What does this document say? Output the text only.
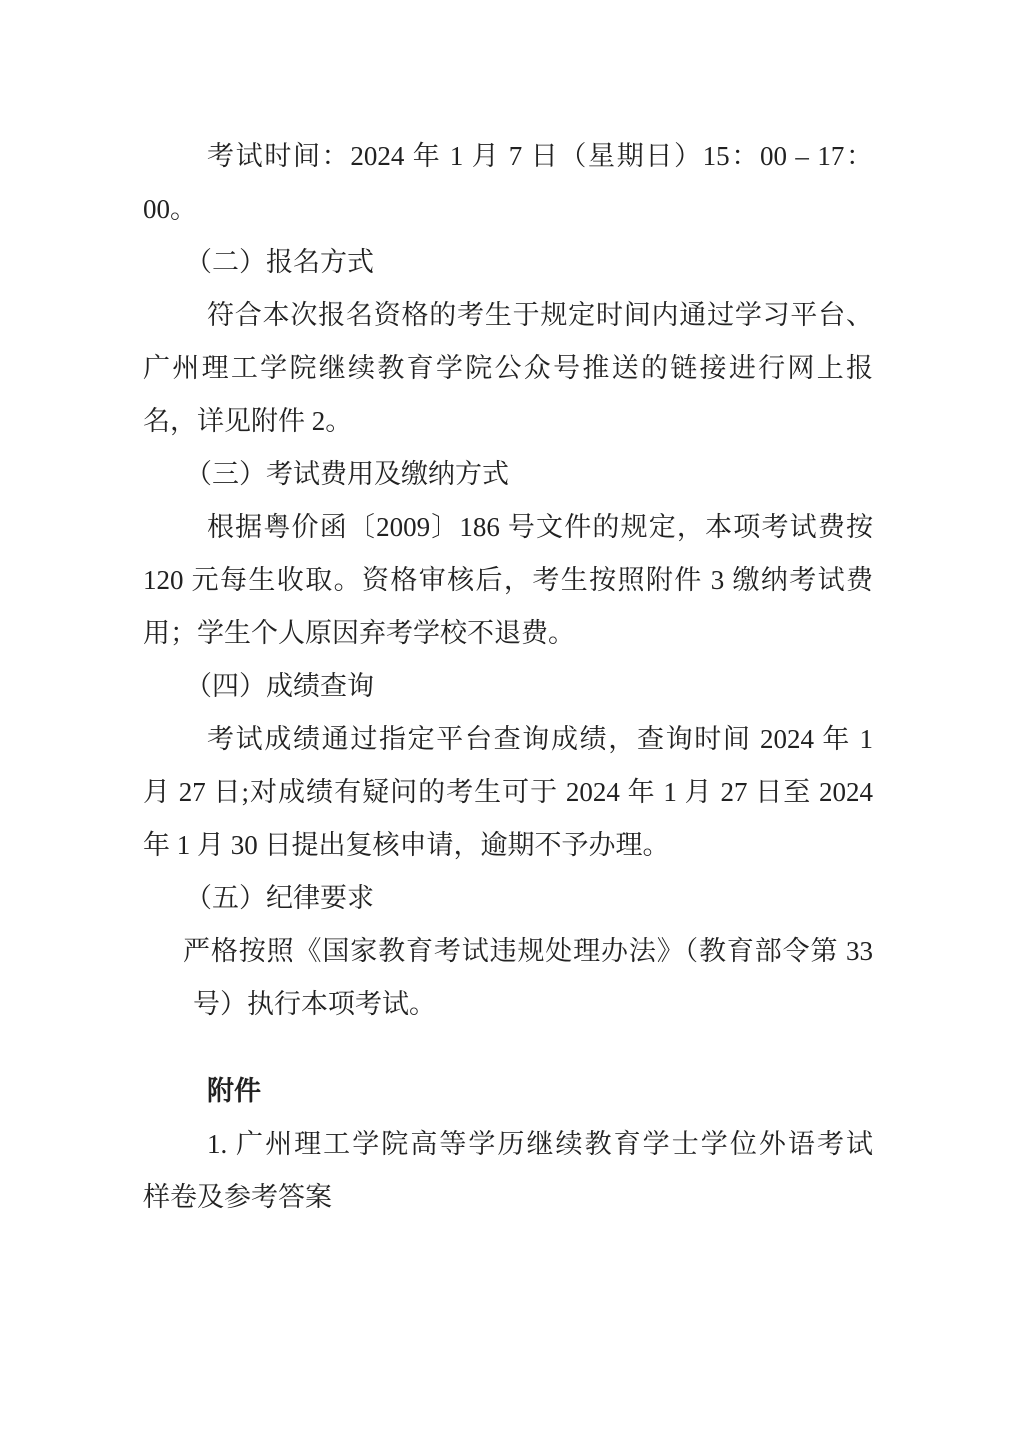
考试时间：2024 年 1 月 7 日（星期日）15：00 – 17：
00。
（二）报名方式
符合本次报名资格的考生于规定时间内通过学习平台、
广州理工学院继续教育学院公众号推送的链接进行网上报
名，详见附件 2。
（三）考试费用及缴纳方式
根据粤价函〔2009〕186 号文件的规定，本项考试费按
120 元每生收取。资格审核后，考生按照附件 3 缴纳考试费
用；学生个人原因弃考学校不退费。
（四）成绩查询
考试成绩通过指定平台查询成绩，查询时间 2024 年 1
月 27 日;对成绩有疑问的考生可于 2024 年 1 月 27 日至 2024
年 1 月 30 日提出复核申请，逾期不予办理。
（五）纪律要求
严格按照《国家教育考试违规处理办法》（教育部令第 33
号）执行本项考试。
附件
1. 广州理工学院高等学历继续教育学士学位外语考试
样卷及参考答案
